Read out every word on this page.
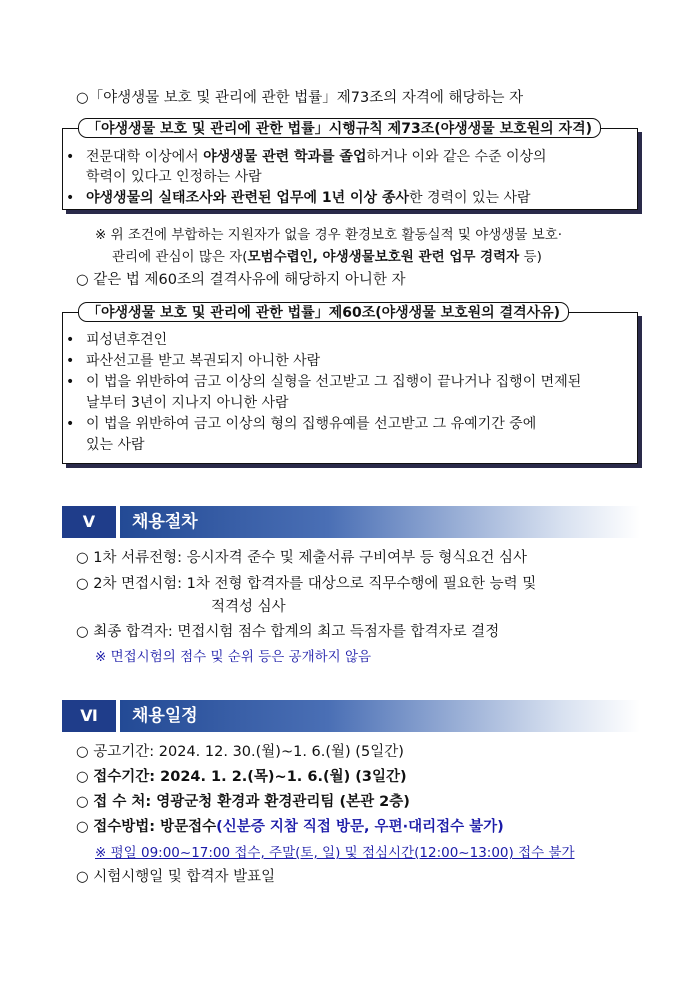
○「야생생물 보호 및 관리에 관한 법률」제73조의 자격에 해당하는 자
「야생생물 보호 및 관리에 관한 법률」시행규칙 제73조(야생생물 보호원의 자격)
• 전문대학 이상에서 야생생물 관련 학과를 졸업하거나 이와 같은 수준 이상의
학력이 있다고 인정하는 사람
• 야생생물의 실태조사와 관련된 업무에 1년 이상 종사한 경력이 있는 사람
※ 위 조건에 부합하는 지원자가 없을 경우 환경보호 활동실적 및 야생생물 보호·
관리에 관심이 많은 자(모범수렵인, 야생생물보호원 관련 업무 경력자 등)
○ 같은 법 제60조의 결격사유에 해당하지 아니한 자
「야생생물 보호 및 관리에 관한 법률」제60조(야생생물 보호원의 결격사유)
• 피성년후견인
• 파산선고를 받고 복권되지 아니한 사람
• 이 법을 위반하여 금고 이상의 실형을 선고받고 그 집행이 끝나거나 집행이 면제된
날부터 3년이 지나지 아니한 사람
• 이 법을 위반하여 금고 이상의 형의 집행유예를 선고받고 그 유예기간 중에
있는 사람
Ⅴ	채용절차
○ 1차 서류전형: 응시자격 준수 및 제출서류 구비여부 등 형식요건 심사
○ 2차 면접시험: 1차 전형 합격자를 대상으로 직무수행에 필요한 능력 및
적격성 심사
○ 최종 합격자: 면접시험 점수 합계의 최고 득점자를 합격자로 결정
※ 면접시험의 점수 및 순위 등은 공개하지 않음
Ⅵ	채용일정
○ 공고기간: 2024. 12. 30.(월)~1. 6.(월) (5일간)
○ 접수기간: 2024. 1. 2.(목)~1. 6.(월) (3일간)
○ 접 수 처: 영광군청 환경과 환경관리팀 (본관 2층)
○ 접수방법: 방문접수(신분증 지참 직접 방문, 우편·대리접수 불가)
※ 평일 09:00~17:00 접수, 주말(토, 일) 및 점심시간(12:00~13:00) 접수 불가
○ 시험시행일 및 합격자 발표일
